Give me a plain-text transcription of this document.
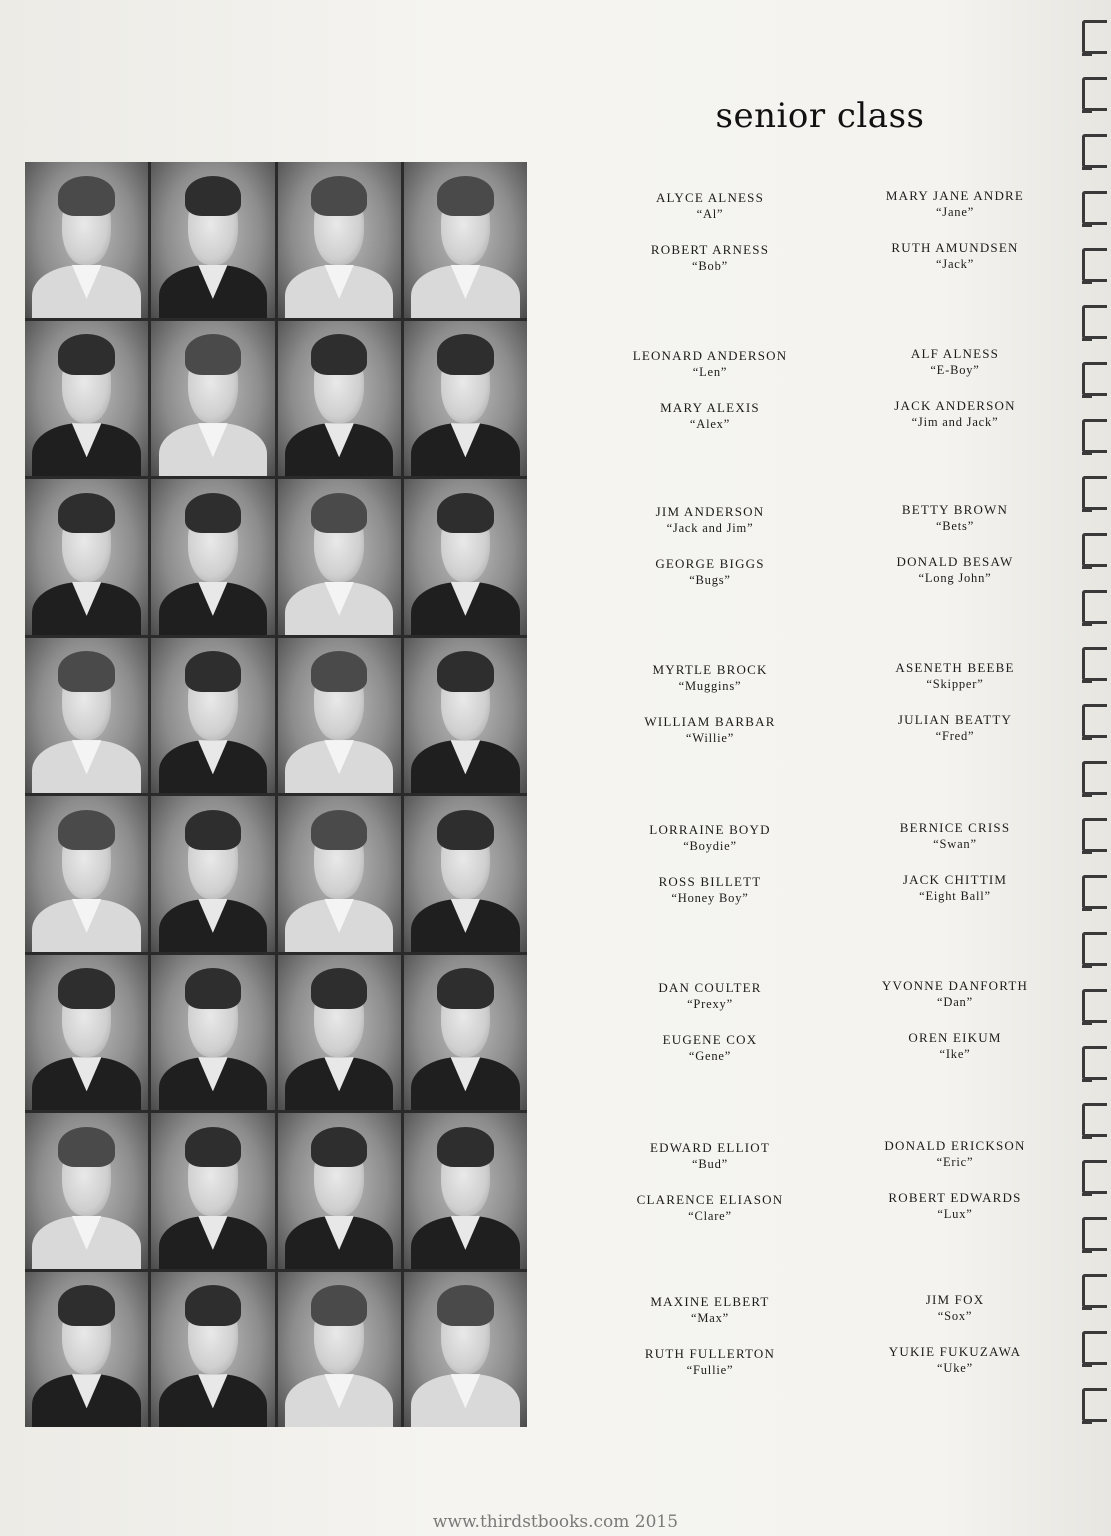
senior class
ALYCE ALNESS
“Al”
ROBERT ARNESS
“Bob”
MARY JANE ANDRE
“Jane”
RUTH AMUNDSEN
“Jack”
LEONARD ANDERSON
“Len”
MARY ALEXIS
“Alex”
ALF ALNESS
“E-Boy”
JACK ANDERSON
“Jim and Jack”
JIM ANDERSON
“Jack and Jim”
GEORGE BIGGS
“Bugs”
BETTY BROWN
“Bets”
DONALD BESAW
“Long John”
MYRTLE BROCK
“Muggins”
WILLIAM BARBAR
“Willie”
ASENETH BEEBE
“Skipper”
JULIAN BEATTY
“Fred”
LORRAINE BOYD
“Boydie”
ROSS BILLETT
“Honey Boy”
BERNICE CRISS
“Swan”
JACK CHITTIM
“Eight Ball”
DAN COULTER
“Prexy”
EUGENE COX
“Gene”
YVONNE DANFORTH
“Dan”
OREN EIKUM
“Ike”
EDWARD ELLIOT
“Bud”
CLARENCE ELIASON
“Clare”
DONALD ERICKSON
“Eric”
ROBERT EDWARDS
“Lux”
MAXINE ELBERT
“Max”
RUTH FULLERTON
“Fullie”
JIM FOX
“Sox”
YUKIE FUKUZAWA
“Uke”
www.thirdstbooks.com 2015
